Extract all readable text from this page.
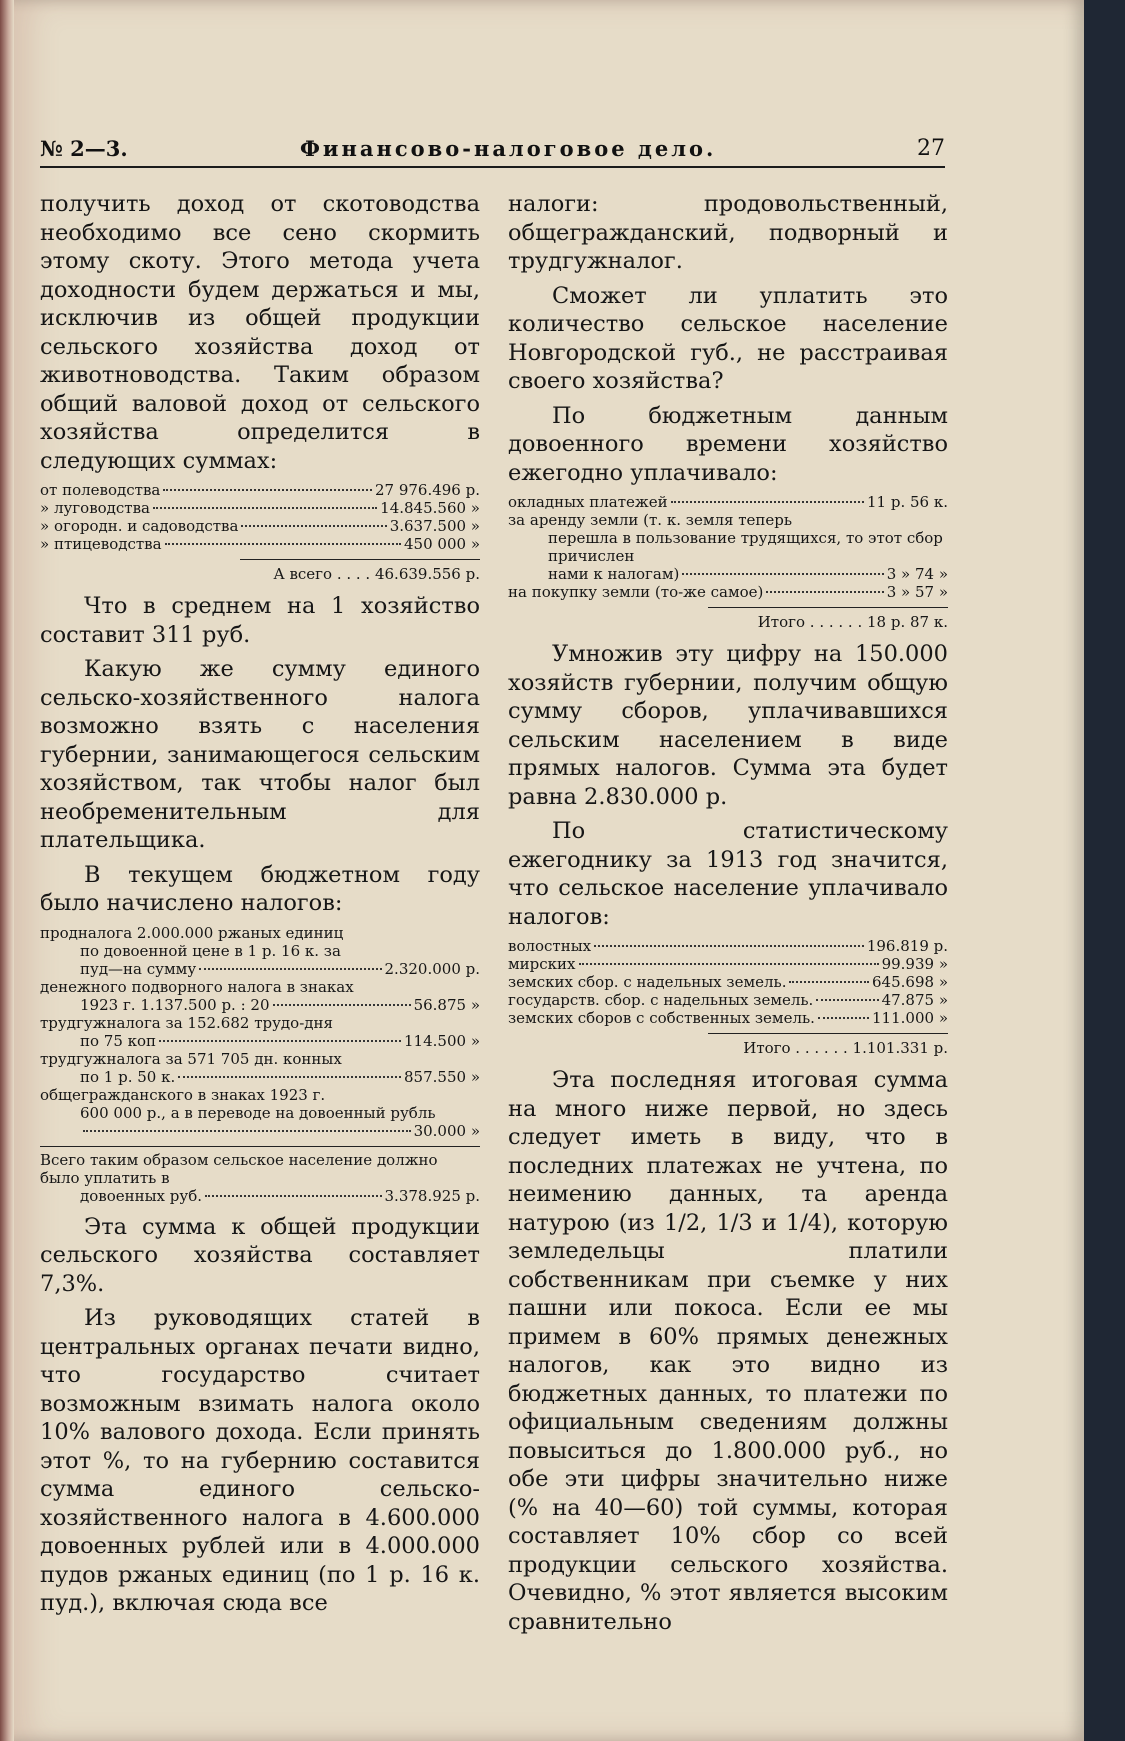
№ 2—3.	Финансово-налоговое дело.	27

получить доход от скотоводства необходимо все сено скормить этому скоту. Этого метода учета доходности будем держаться и мы, исключив из общей продукции сельского хозяйства доход от животноводства. Таким образом общий валовой доход от сельского хозяйства определится в следующих суммах:

от полеводства	27 976.496 р.
» луговодства	14.845.560 »
» огородн. и садоводства	3.637.500 »
» птицеводства	450 000 »
А всего . . . . 46.639.556 р.

Что в среднем на 1 хозяйство составит 311 руб.

Какую же сумму единого сельско-хозяйственного налога возможно взять с населения губернии, занимающегося сельским хозяйством, так чтобы налог был необременительным для плательщика.

В текущем бюджетном году было начислено налогов:

продналога 2.000.000 ржаных единиц
по довоенной цене в 1 р. 16 к. за
пуд—на сумму	2.320.000 р.
денежного подворного налога в знаках
1923 г. 1.137.500 р. : 20	56.875 »
трудгужналога за 152.682 трудо-дня
по 75 коп	114.500 »
трудгужналога за 571 705 дн. конных
по 1 р. 50 к.	857.550 »
общегражданского в знаках 1923 г.
600 000 р., а в переводе на довоенный рубль
30.000 »
Всего таким образом сельское население должно было уплатить в
довоенных руб.	3.378.925 р.

Эта сумма к общей продукции сельского хозяйства составляет 7,3%.

Из руководящих статей в центральных органах печати видно, что государство считает возможным взимать налога около 10% валового дохода. Если принять этот %, то на губернию составится сумма единого сельско-хозяйственного налога в 4.600.000 довоенных рублей или в 4.000.000 пудов ржаных единиц (по 1 р. 16 к. пуд.), включая сюда все

налоги: продовольственный, общегражданский, подворный и трудгужналог.

Сможет ли уплатить это количество сельское население Новгородской губ., не расстраивая своего хозяйства?

По бюджетным данным довоенного времени хозяйство ежегодно уплачивало:

окладных платежей	11 р. 56 к.
за аренду земли (т. к. земля теперь
перешла в пользование трудящихся, то этот сбор причислен
нами к налогам)	3 » 74 »
на покупку земли (то-же самое)	3 » 57 »
Итого . . . . . . 18 р. 87 к.

Умножив эту цифру на 150.000 хозяйств губернии, получим общую сумму сборов, уплачивавшихся сельским населением в виде прямых налогов. Сумма эта будет равна 2.830.000 р.

По статистическому ежегоднику за 1913 год значится, что сельское население уплачивало налогов:

волостных	196.819 р.
мирских	99.939 »
земских сбор. с надельных земель.	645.698 »
государств. сбор. с надельных земель.	47.875 »
земских сборов с собственных земель.	111.000 »
Итого . . . . . . 1.101.331 р.

Эта последняя итоговая сумма на много ниже первой, но здесь следует иметь в виду, что в последних платежах не учтена, по неимению данных, та аренда натурою (из 1/2, 1/3 и 1/4), которую земледельцы платили собственникам при съемке у них пашни или покоса. Если ее мы примем в 60% прямых денежных налогов, как это видно из бюджетных данных, то платежи по официальным сведениям должны повыситься до 1.800.000 руб., но обе эти цифры значительно ниже (% на 40—60) той суммы, которая составляет 10% сбор со всей продукции сельского хозяйства. Очевидно, % этот является высоким сравнительно
